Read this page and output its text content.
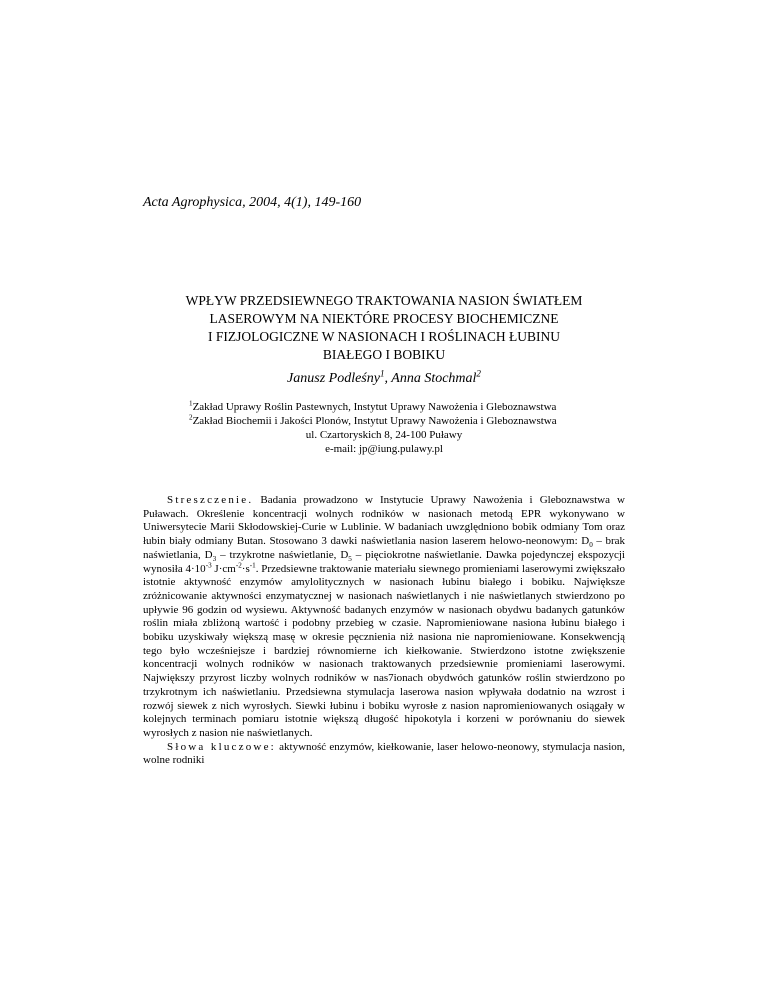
Acta Agrophysica, 2004, 4(1), 149-160
WPŁYW PRZEDSIEWNEGO TRAKTOWANIA NASION ŚWIATŁEM
LASEROWYM NA NIEKTÓRE PROCESY BIOCHEMICZNE
I FIZJOLOGICZNE W NASIONACH I ROŚLINACH ŁUBINU
BIAŁEGO I BOBIKU
Janusz Podleśny$^1$, Anna Stochmal$^2$
$^1$Zakład Uprawy Roślin Pastewnych, Instytut Uprawy Nawożenia i Gleboznawstwa
$^2$Zakład Biochemii i Jakości Plonów, Instytut Uprawy Nawożenia i Gleboznawstwa
ul. Czartoryskich 8, 24-100 Puławy
e-mail: jp@iung.pulawy.pl

Streszczenie. Badania prowadzono w Instytucie Uprawy Nawożenia i Gleboznawstwa w Puławach. Określenie koncentracji wolnych rodników w nasionach metodą EPR wykonywano w Uniwersytecie Marii Skłodowskiej-Curie w Lublinie. W badaniach uwzględniono bobik odmiany Tom oraz łubin biały odmiany Butan. Stosowano 3 dawki naświetlania nasion laserem helowo-neonowym: $D_0$ – brak naświetlania, $D_3$ – trzykrotne naświetlanie, $D_5$ – pięciokrotne naświetlanie. Dawka pojedynczej ekspozycji wynosiła $4\cdot 10^{-3}$ $J\cdot cm^{-2}\cdot s^{-1}$. Przedsiewne traktowanie materiału siewnego promieniami laserowymi zwiększało istotnie aktywność enzymów amylolitycznych w nasionach łubinu białego i bobiku. Największe zróżnicowanie aktywności enzymatycznej w nasionach naświetlanych i nie naświetlanych stwierdzono po upływie 96 godzin od wysiewu. Aktywność badanych enzymów w nasionach obydwu badanych gatunków roślin miała zbliżoną wartość i podobny przebieg w czasie. Napromieniowane nasiona łubinu białego i bobiku uzyskiwały większą masę w okresie pęcznienia niż nasiona nie napromieniowane. Konsekwencją tego było wcześniejsze i bardziej równomierne ich kiełkowanie. Stwierdzono istotne zwiększenie koncentracji wolnych rodników w nasionach traktowanych przedsiewnie promieniami laserowymi. Największy przyrost liczby wolnych rodników w nas7ionach obydwóch gatunków roślin stwierdzono po trzykrotnym ich naświetlaniu. Przedsiewna stymulacja laserowa nasion wpływała dodatnio na wzrost i rozwój siewek z nich wyrosłych. Siewki łubinu i bobiku wyrosłe z nasion napromieniowanych osiągały w kolejnych terminach pomiaru istotnie większą długość hipokotyla i korzeni w porównaniu do siewek wyrosłych z nasion nie naświetlanych.

Słowa kluczowe: aktywność enzymów, kiełkowanie, laser helowo-neonowy, stymulacja nasion, wolne rodniki
